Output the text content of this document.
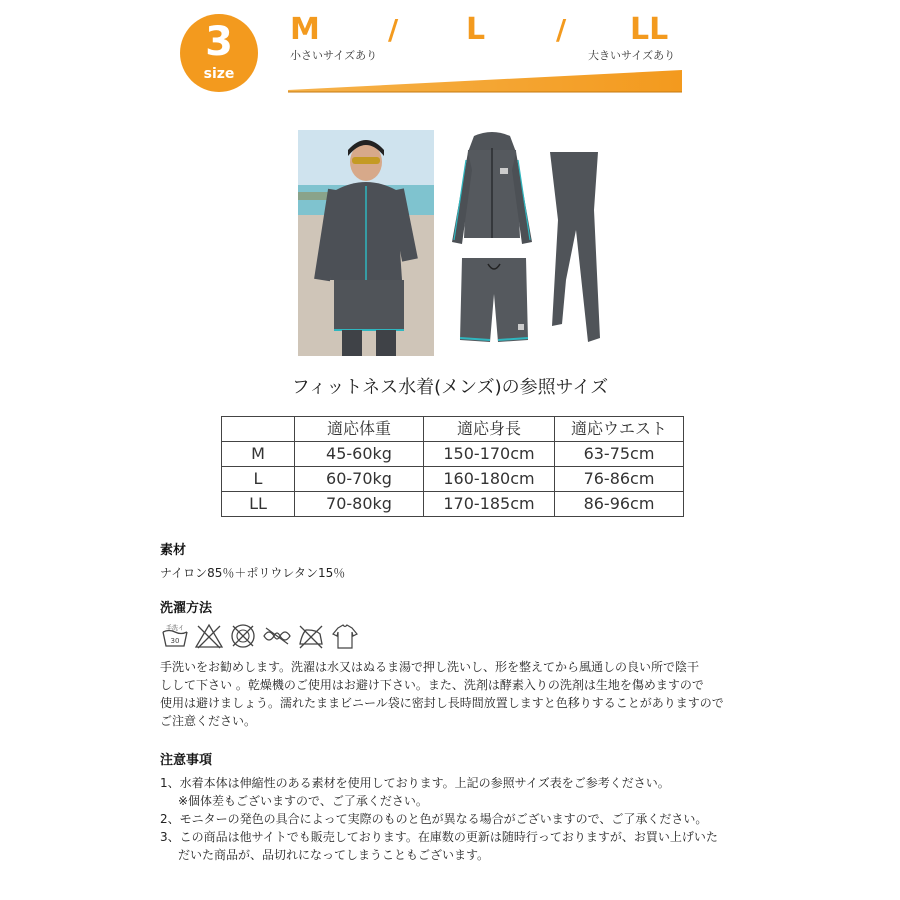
3
size
M / L	/ LL
小さいサイズあり	大きいサイズあり
フィットネス水着(メンズ)の参照サイズ
	適応体重	適応身長	適応ウエスト
M	45-60kg	150-170cm	63-75cm
L	60-70kg	160-180cm	76-86cm
LL	70-80kg	170-185cm	86-96cm
素材
ナイロン85％＋ポリウレタン15％
洗濯方法
手洗イ
30
手洗いをお勧めします。洗濯は水又はぬるま湯で押し洗いし、形を整えてから風通しの良い所で陰干
しして下さい 。乾燥機のご使用はお避け下さい。また、洗剤は酵素入りの洗剤は生地を傷めますので
使用は避けましょう。濡れたままビニール袋に密封し長時間放置しますと色移りすることがありますので
ご注意ください。
注意事項
1、水着本体は伸縮性のある素材を使用しております。上記の参照サイズ表をご参考ください。
※個体差もございますので、ご了承ください。
2、モニターの発色の具合によって実際のものと色が異なる場合がございますので、ご了承ください。
3、この商品は他サイトでも販売しております。在庫数の更新は随時行っておりますが、お買い上げいた
だいた商品が、品切れになってしまうこともございます。
